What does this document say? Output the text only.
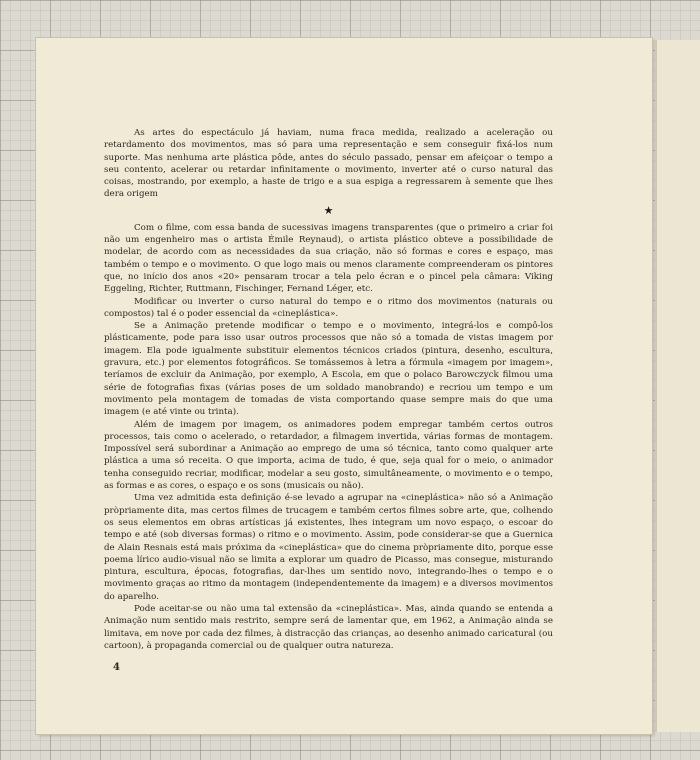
As artes do espectáculo já haviam, numa fraca medida, realizado a aceleração ou retardamento dos movimentos, mas só para uma representação e sem conseguir fixá-los num suporte. Mas nenhuma arte plástica pôde, antes do século passado, pensar em afeiçoar o tempo a seu contento, acelerar ou retardar infinitamente o movimento, inverter até o curso natural das coisas, mostrando, por exemplo, a haste de trigo e a sua espiga a regressarem à semente que lhes dera origem

★

Com o filme, com essa banda de sucessivas imagens transparentes (que o primeiro a criar foi não um engenheiro mas o artista Émile Reynaud), o artista plástico obteve a possibilidade de modelar, de acordo com as necessidades da sua criação, não só formas e cores e espaço, mas também o tempo e o movimento. O que logo mais ou menos claramente compreenderam os pintores que, no início dos anos «20» pensaram trocar a tela pelo écran e o pincel pela câmara: Viking Eggeling, Richter, Ruttmann, Fischinger, Fernand Léger, etc.

Modificar ou inverter o curso natural do tempo e o ritmo dos movimentos (naturais ou compostos) tal é o poder essencial da «cineplástica».

Se a Animação pretende modificar o tempo e o movimento, integrá-los e compô-los plásticamente, pode para isso usar outros processos que não só a tomada de vistas imagem por imagem. Ela pode igualmente substituir elementos técnicos criados (pintura, desenho, escultura, gravura, etc.) por elementos fotográficos. Se tomássemos à letra a fórmula «imagem por imagem», teríamos de excluir da Animação, por exemplo, A Escola, em que o polaco Barowczyck filmou uma série de fotografias fixas (várias poses de um soldado manobrando) e recriou um tempo e um movimento pela montagem de tomadas de vista comportando quase sempre mais do que uma imagem (e até vinte ou trinta).

Além de imagem por imagem, os animadores podem empregar também certos outros processos, tais como o acelerado, o retardador, a filmagem invertida, várias formas de montagem. Impossível será subordinar a Animação ao emprego de uma só técnica, tanto como qualquer arte plástica a uma só receita. O que importa, acima de tudo, é que, seja qual for o meio, o animador tenha conseguido recriar, modificar, modelar a seu gosto, simultâneamente, o movimento e o tempo, as formas e as cores, o espaço e os sons (musicais ou não).

Uma vez admitida esta definição é-se levado a agrupar na «cineplástica» não só a Animação pròpriamente dita, mas certos filmes de trucagem e também certos filmes sobre arte, que, colhendo os seus elementos em obras artísticas já existentes, lhes integram um novo espaço, o escoar do tempo e até (sob diversas formas) o ritmo e o movimento. Assim, pode considerar-se que a Guernica de Alain Resnais está mais próxima da «cineplástica» que do cinema pròpriamente dito, porque esse poema lírico audio-visual não se limita a explorar um quadro de Picasso, mas consegue, misturando pintura, escultura, épocas, fotografias, dar-lhes um sentido novo, integrando-lhes o tempo e o movimento graças ao ritmo da montagem (independentemente da imagem) e a diversos movimentos do aparelho.

Pode aceitar-se ou não uma tal extensão da «cineplástica». Mas, ainda quando se entenda a Animação num sentido mais restrito, sempre será de lamentar que, em 1962, a Animação ainda se limitava, em nove por cada dez filmes, à distracção das crianças, ao desenho animado caricatural (ou cartoon), à propaganda comercial ou de qualquer outra natureza.

4
